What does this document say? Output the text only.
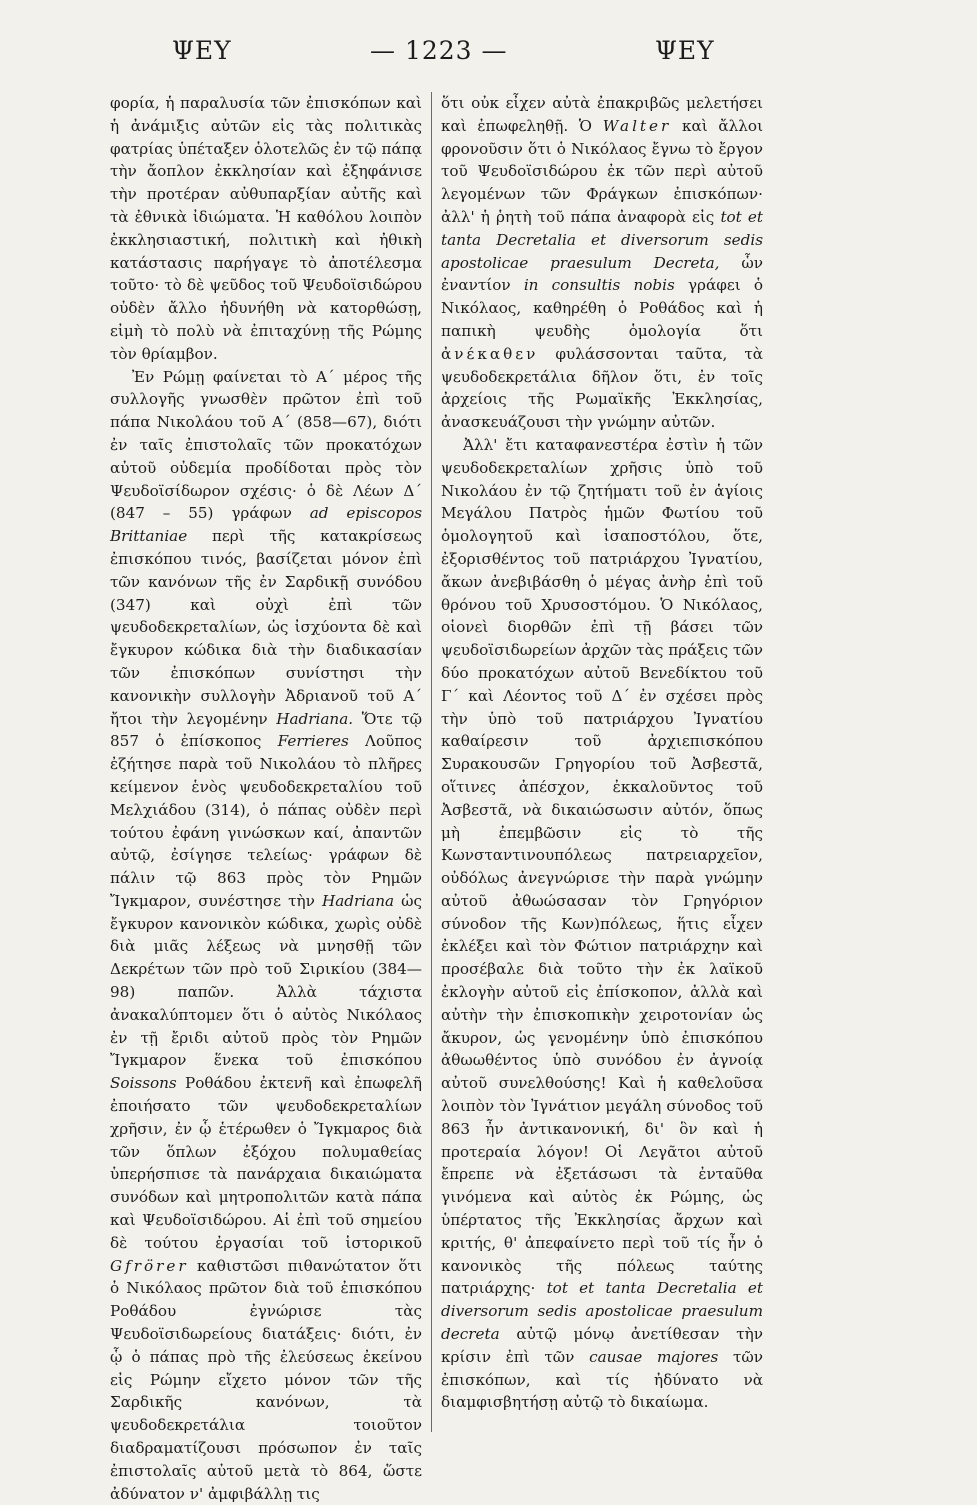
ΨΕΥ	— 1223 —	ΨΕΥ

φορία, ἡ παραλυσία τῶν ἐπισκόπων καὶ ἡ ἀνάμιξις αὐτῶν εἰς τὰς πολιτικὰς φατρίας ὑπέταξεν ὁλοτελῶς ἐν τῷ πάπᾳ τὴν ἄοπλον ἐκκλησίαν καὶ ἐξηφάνισε τὴν προτέραν αὐθυπαρξίαν αὐτῆς καὶ τὰ ἐθνικὰ ἰδιώματα. Ἡ καθόλου λοιπὸν ἐκκλησιαστική, πολιτικὴ καὶ ἠθικὴ κατάστασις παρήγαγε τὸ ἀποτέλεσμα τοῦτο· τὸ δὲ ψεῦδος τοῦ Ψευδοϊσιδώρου οὐδὲν ἄλλο ἠδυνήθη νὰ κατορθώσῃ, εἰμὴ τὸ πολὺ νὰ ἐπιταχύνῃ τῆς Ρώμης τὸν θρίαμβον.

Ἐν Ρώμῃ φαίνεται τὸ Α΄ μέρος τῆς συλλογῆς γνωσθὲν πρῶτον ἐπὶ τοῦ πάπα Νικολάου τοῦ Α΄ (858—67), διότι ἐν ταῖς ἐπιστολαῖς τῶν προκατόχων αὐτοῦ οὐδεμία προδίδοται πρὸς τὸν Ψευδοϊσίδωρον σχέσις· ὁ δὲ Λέων Δ΄ (847 – 55) γράφων ad episcopos Brittaniae περὶ τῆς κατακρίσεως ἐπισκόπου τινός, βασίζεται μόνον ἐπὶ τῶν κανόνων τῆς ἐν Σαρδικῇ συνόδου (347) καὶ οὐχὶ ἐπὶ τῶν ψευδοδεκρεταλίων, ὡς ἰσχύοντα δὲ καὶ ἔγκυρον κώδικα διὰ τὴν διαδικασίαν τῶν ἐπισκόπων συνίστησι τὴν κανονικὴν συλλογὴν Ἀδριανοῦ τοῦ Α΄ ἤτοι τὴν λεγομένην Hadriana. Ὅτε τῷ 857 ὁ ἐπίσκοπος Ferrieres Λοῦπος ἐζήτησε παρὰ τοῦ Νικολάου τὸ πλῆρες κείμενον ἑνὸς ψευδοδεκρεταλίου τοῦ Μελχιάδου (314), ὁ πάπας οὐδὲν περὶ τούτου ἐφάνη γινώσκων καί, ἀπαντῶν αὐτῷ, ἐσίγησε τελείως· γράφων δὲ πάλιν τῷ 863 πρὸς τὸν Ρημῶν Ἴγκμαρον, συνέστησε τὴν Hadriana ὡς ἔγκυρον κανονικὸν κώδικα, χωρὶς οὐδὲ διὰ μιᾶς λέξεως νὰ μνησθῇ τῶν Δεκρέτων τῶν πρὸ τοῦ Σιρικίου (384—98) παπῶν. Ἀλλὰ τάχιστα ἀνακαλύπτομεν ὅτι ὁ αὐτὸς Νικόλαος ἐν τῇ ἔριδι αὐτοῦ πρὸς τὸν Ρημῶν Ἴγκμαρον ἕνεκα τοῦ ἐπισκόπου Soissons Ροθάδου ἐκτενῆ καὶ ἐπωφελῆ ἐποιήσατο τῶν ψευδοδεκρεταλίων χρῆσιν, ἐν ᾧ ἑτέρωθεν ὁ Ἴγκμαρος διὰ τῶν ὅπλων ἐξόχου πολυμαθείας ὑπερήσπισε τὰ πανάρχαια δικαιώματα συνόδων καὶ μητροπολιτῶν κατὰ πάπα καὶ Ψευδοϊσιδώρου. Αἱ ἐπὶ τοῦ σημείου δὲ τούτου ἐργασίαι τοῦ ἱστορικοῦ Gfrörer καθιστῶσι πιθανώτατον ὅτι ὁ Νικόλαος πρῶτον διὰ τοῦ ἐπισκόπου Ροθάδου ἐγνώρισε τὰς Ψευδοϊσιδωρείους διατάξεις· διότι, ἐν ᾧ ὁ πάπας πρὸ τῆς ἐλεύσεως ἐκείνου εἰς Ρώμην εἴχετο μόνον τῶν τῆς Σαρδικῆς κανόνων, τὰ ψευδοδεκρετάλια τοιοῦτον διαδραματίζουσι πρόσωπον ἐν ταῖς ἐπιστολαῖς αὐτοῦ μετὰ τὸ 864, ὥστε ἀδύνατον ν' ἀμφιβάλλῃ τις

ὅτι οὐκ εἶχεν αὐτὰ ἐπακριβῶς μελετήσει καὶ ἐπωφεληθῇ. Ὁ Walter καὶ ἄλλοι φρονοῦσιν ὅτι ὁ Νικόλαος ἔγνω τὸ ἔργον τοῦ Ψευδοϊσιδώρου ἐκ τῶν περὶ αὐτοῦ λεγομένων τῶν Φράγκων ἐπισκόπων· ἀλλ' ἡ ῥητὴ τοῦ πάπα ἀναφορὰ εἰς tot et tanta Decretalia et diversorum sedis apostolicae praesulum Decreta, ὧν ἐναντίον in consultis nobis γράφει ὁ Νικόλαος, καθηρέθη ὁ Ροθάδος καὶ ἡ παπικὴ ψευδὴς ὁμολογία ὅτι ἀνέκαθεν φυλάσσονται ταῦτα, τὰ ψευδοδεκρετάλια δῆλον ὅτι, ἐν τοῖς ἀρχείοις τῆς Ρωμαϊκῆς Ἐκκλησίας, ἀνασκευάζουσι τὴν γνώμην αὐτῶν.

Ἀλλ' ἔτι καταφανεστέρα ἐστὶν ἡ τῶν ψευδοδεκρεταλίων χρῆσις ὑπὸ τοῦ Νικολάου ἐν τῷ ζητήματι τοῦ ἐν ἁγίοις Μεγάλου Πατρὸς ἡμῶν Φωτίου τοῦ ὁμολογητοῦ καὶ ἰσαποστόλου, ὅτε, ἐξορισθέντος τοῦ πατριάρχου Ἰγνατίου, ἄκων ἀνεβιβάσθη ὁ μέγας ἀνὴρ ἐπὶ τοῦ θρόνου τοῦ Χρυσοστόμου. Ὁ Νικόλαος, οἱονεὶ διορθῶν ἐπὶ τῇ βάσει τῶν ψευδοϊσιδωρείων ἀρχῶν τὰς πράξεις τῶν δύο προκατόχων αὐτοῦ Βενεδίκτου τοῦ Γ΄ καὶ Λέοντος τοῦ Δ΄ ἐν σχέσει πρὸς τὴν ὑπὸ τοῦ πατριάρχου Ἰγνατίου καθαίρεσιν τοῦ ἀρχιεπισκόπου Συρακουσῶν Γρηγορίου τοῦ Ἀσβεστᾶ, οἵτινες ἀπέσχον, ἐκκαλοῦντος τοῦ Ἀσβεστᾶ, νὰ δικαιώσωσιν αὐτόν, ὅπως μὴ ἐπεμβῶσιν εἰς τὸ τῆς Κωνσταντινουπόλεως πατρειαρχεῖον, οὐδόλως ἀνεγνώρισε τὴν παρὰ γνώμην αὐτοῦ ἀθωώσασαν τὸν Γρηγόριον σύνοδον τῆς Κων)πόλεως, ἥτις εἶχεν ἐκλέξει καὶ τὸν Φώτιον πατριάρχην καὶ προσέβαλε διὰ τοῦτο τὴν ἐκ λαϊκοῦ ἐκλογὴν αὐτοῦ εἰς ἐπίσκοπον, ἀλλὰ καὶ αὐτὴν τὴν ἐπισκοπικὴν χειροτονίαν ὡς ἄκυρον, ὡς γενομένην ὑπὸ ἐπισκόπου ἀθωωθέντος ὑπὸ συνόδου ἐν ἀγνοίᾳ αὐτοῦ συνελθούσης! Καὶ ἡ καθελοῦσα λοιπὸν τὸν Ἰγνάτιον μεγάλη σύνοδος τοῦ 863 ἦν ἀντικανονική, δι' ὃν καὶ ἡ προτεραία λόγον! Οἱ Λεγᾶτοι αὐτοῦ ἔπρεπε νὰ ἐξετάσωσι τὰ ἐνταῦθα γινόμενα καὶ αὐτὸς ἐκ Ρώμης, ὡς ὑπέρτατος τῆς Ἐκκλησίας ἄρχων καὶ κριτής, θ' ἀπεφαίνετο περὶ τοῦ τίς ἦν ὁ κανονικὸς τῆς πόλεως ταύτης πατριάρχης· tot et tanta Decretalia et diversorum sedis apostolicae praesulum decreta αὐτῷ μόνῳ ἀνετίθεσαν τὴν κρίσιν ἐπὶ τῶν causae majores τῶν ἐπισκόπων, καὶ τίς ἠδύνατο νὰ διαμφισβητήσῃ αὐτῷ τὸ δικαίωμα.
